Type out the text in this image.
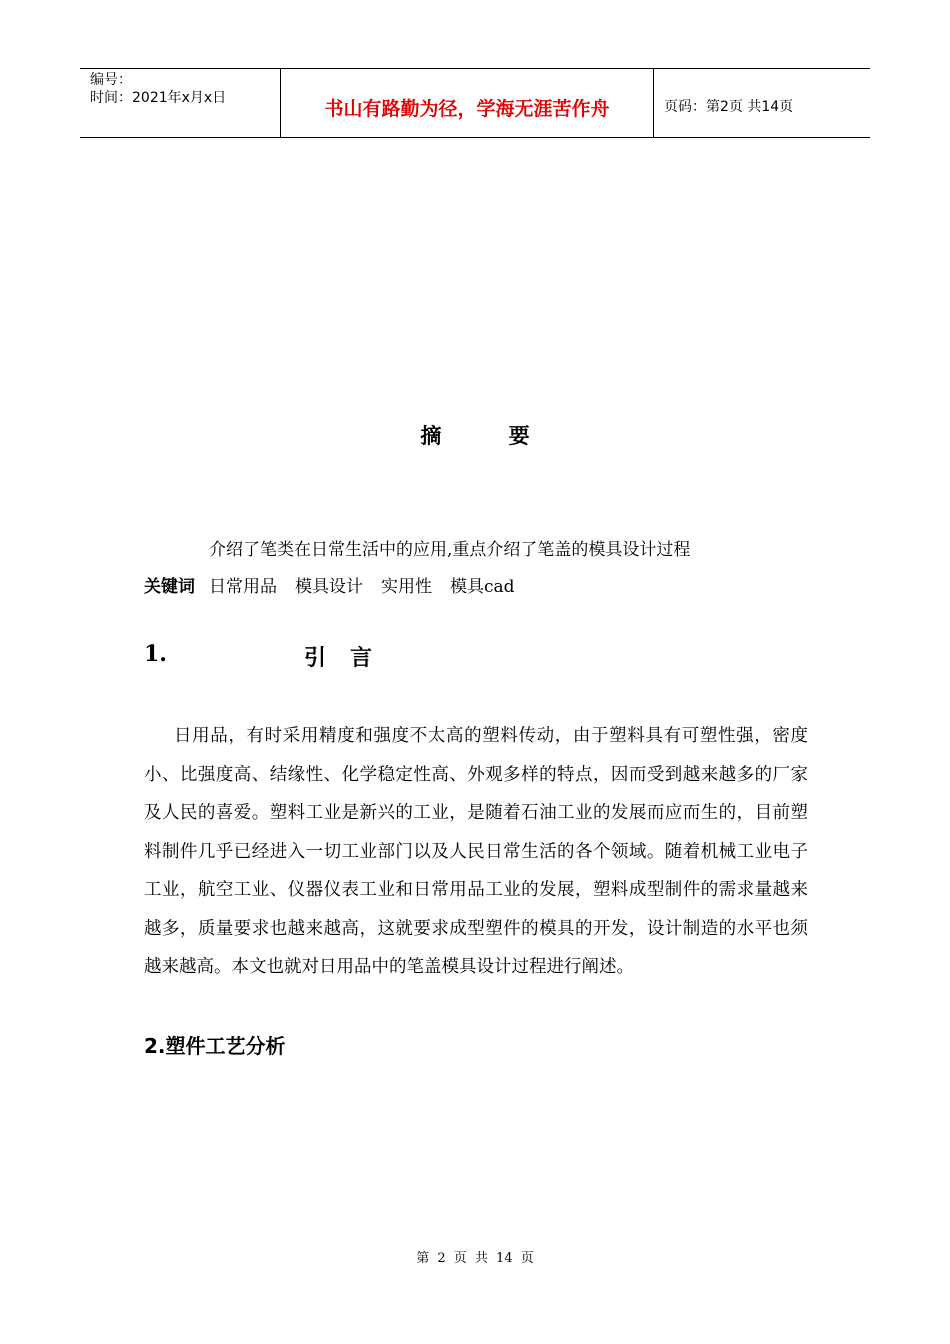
编号：
时间：2021年x月x日	书山有路勤为径，学海无涯苦作舟	页码：第2页 共14页
摘 要
介绍了笔类在日常生活中的应用,重点介绍了笔盖的模具设计过程
关键词 日常用品 模具设计 实用性 模具cad
1.	引言
日用品，有时采用精度和强度不太高的塑料传动，由于塑料具有可塑性强，密度小、比强度高、结缘性、化学稳定性高、外观多样的特点，因而受到越来越多的厂家及人民的喜爱。塑料工业是新兴的工业，是随着石油工业的发展而应而生的，目前塑料制件几乎已经进入一切工业部门以及人民日常生活的各个领域。随着机械工业电子工业，航空工业、仪器仪表工业和日常用品工业的发展，塑料成型制件的需求量越来越多，质量要求也越来越高，这就要求成型塑件的模具的开发，设计制造的水平也须越来越高。本文也就对日用品中的笔盖模具设计过程进行阐述。
2.塑件工艺分析
第 2 页 共 14 页
